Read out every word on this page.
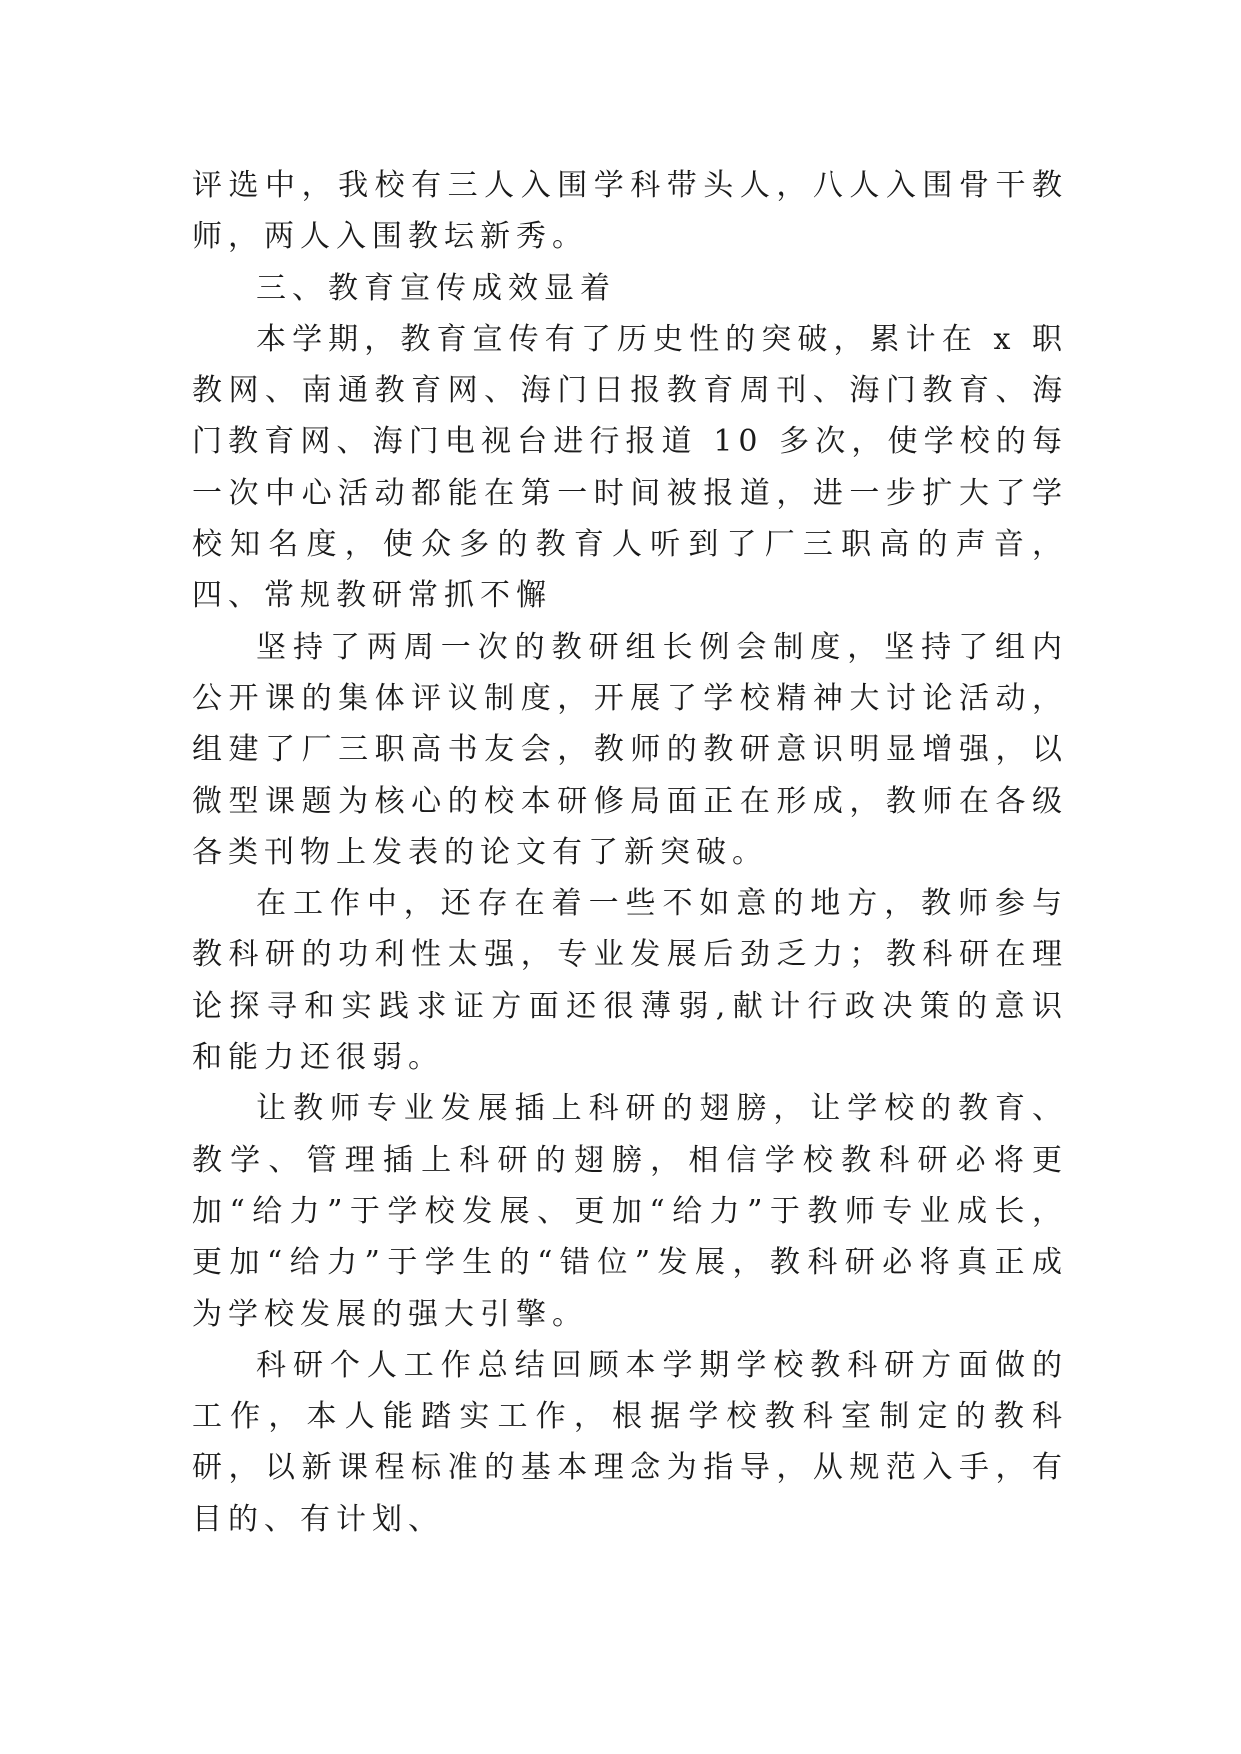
评选中，我校有三人入围学科带头人，八人入围骨干教师，两人入围教坛新秀。

三、教育宣传成效显着

本学期，教育宣传有了历史性的突破，累计在 x 职教网、南通教育网、海门日报教育周刊、海门教育、海门教育网、海门电视台进行报道 10 多次，使学校的每一次中心活动都能在第一时间被报道，进一步扩大了学校知名度，使众多的教育人听到了厂三职高的声音，四、常规教研常抓不懈

坚持了两周一次的教研组长例会制度，坚持了组内公开课的集体评议制度，开展了学校精神大讨论活动，组建了厂三职高书友会，教师的教研意识明显增强，以微型课题为核心的校本研修局面正在形成，教师在各级各类刊物上发表的论文有了新突破。

在工作中，还存在着一些不如意的地方，教师参与教科研的功利性太强，专业发展后劲乏力；教科研在理论探寻和实践求证方面还很薄弱,献计行政决策的意识和能力还很弱。

让教师专业发展插上科研的翅膀，让学校的教育、教学、管理插上科研的翅膀，相信学校教科研必将更加“给力”于学校发展、更加“给力”于教师专业成长，更加“给力”于学生的“错位”发展，教科研必将真正成为学校发展的强大引擎。

科研个人工作总结回顾本学期学校教科研方面做的工作，本人能踏实工作，根据学校教科室制定的教科研，以新课程标准的基本理念为指导，从规范入手，有目的、有计划、
